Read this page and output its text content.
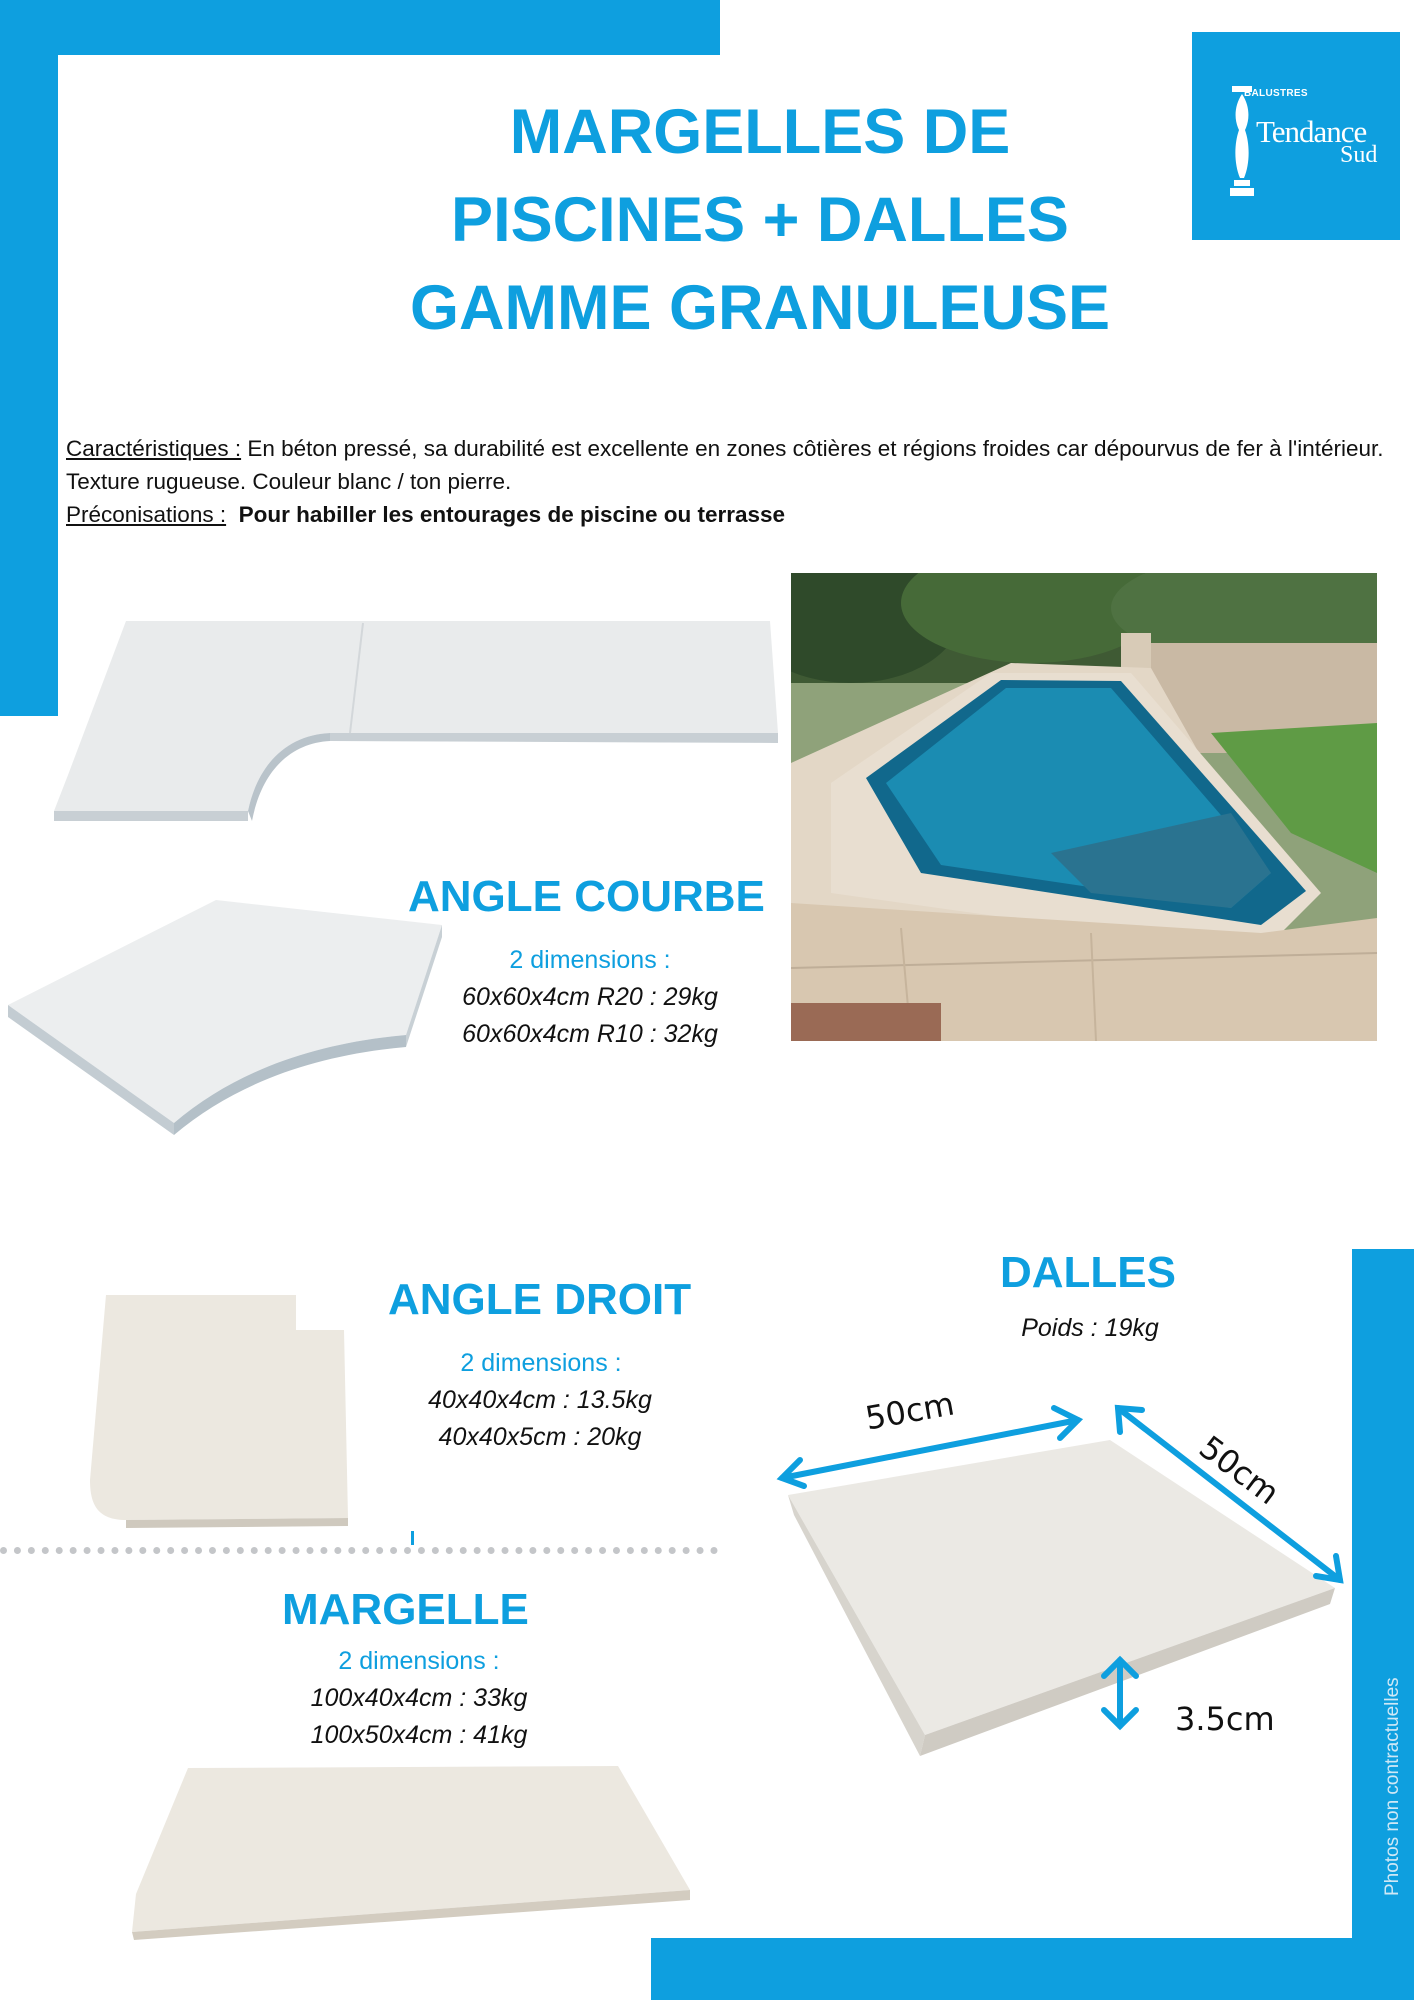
BALUSTRES
Tendance
Sud
MARGELLES DE
PISCINES + DALLES
GAMME GRANULEUSE
Caractéristiques : En béton pressé, sa durabilité est excellente en zones côtières et régions froides car dépourvus de fer à l'intérieur. Texture rugueuse. Couleur blanc / ton pierre.
Préconisations : Pour habiller les entourages de piscine ou terrasse
ANGLE COURBE
2 dimensions :
60x60x4cm R20 : 29kg
60x60x4cm R10 : 32kg
ANGLE DROIT
2 dimensions :
40x40x4cm : 13.5kg
40x40x5cm : 20kg
MARGELLE
2 dimensions :
100x40x4cm : 33kg
100x50x4cm : 41kg
DALLES
Poids : 19kg
50cm
50cm
3.5cm	Photos non contractuelles
